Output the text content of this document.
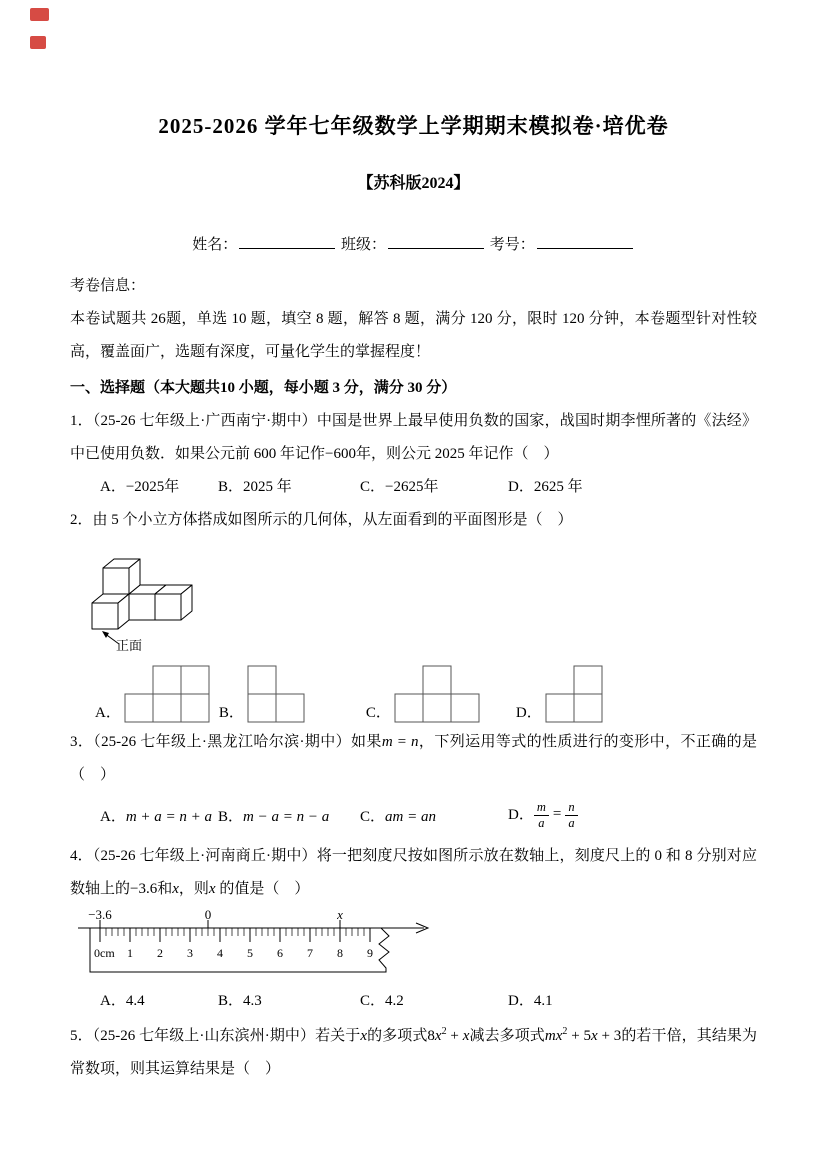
2025-2026 学年七年级数学上学期期末模拟卷·培优卷
【苏科版2024】
姓名：	班级：	考号：

考卷信息：

本卷试题共 26题，单选 10 题，填空 8 题，解答 8 题，满分 120 分，限时 120 分钟，本卷题型针对性较高，覆盖面广，选题有深度，可量化学生的掌握程度！

一、选择题（本大题共10 小题，每小题 3 分，满分 30 分）

1．（25-26 七年级上·广西南宁·期中）中国是世界上最早使用负数的国家，战国时期李悝所著的《法经》中已使用负数．如果公元前 600 年记作−600年，则公元 2025 年记作（　）

A．−2025年	B．2025 年	C．−2625年	D．2625 年

2．由 5 个小立方体搭成如图所示的几何体，从左面看到的平面图形是（　）

正面
A．	B．	C．	D．

3．（25-26 七年级上·黑龙江哈尔滨·期中）如果m = n，下列运用等式的性质进行的变形中，不正确的是（　）

A．m + a = n + a B．m − a = n − a	C．am = an	D． $\frac{m}{a} = \frac{n}{a}$

4．（25-26 七年级上·河南商丘·期中）将一把刻度尺按如图所示放在数轴上，刻度尺上的 0 和 8 分别对应数轴上的−3.6和x，则x 的值是（　）

−3.6	0	x
0cm 1 2 3 4 5 6 7 8 9
A．4.4	B．4.3	C．4.2	D．4.1

5．（25-26 七年级上·山东滨州·期中）若关于x的多项式$8x^2 + x$减去多项式$mx^2 + 5x + 3$的若干倍，其结果为常数项，则其运算结果是（　）
